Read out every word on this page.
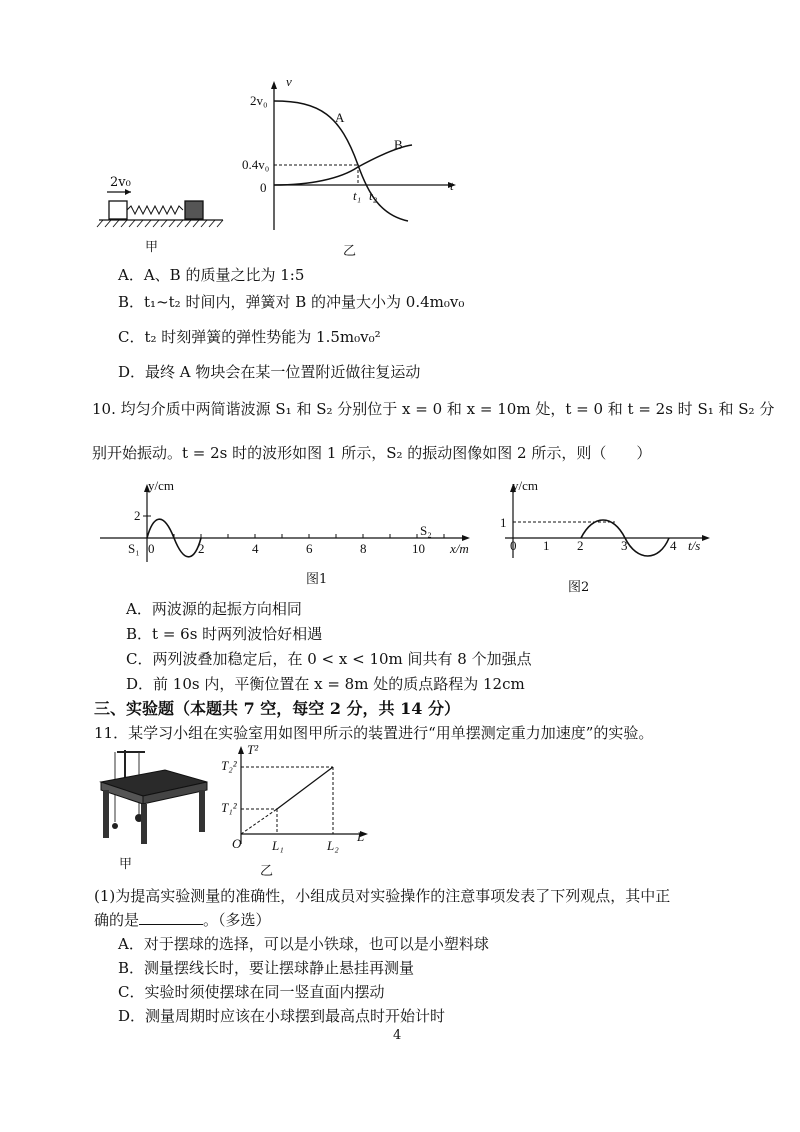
2v₀
甲
v
t
2v₀
0.4v₀
0
A
B
t₁ t₂
乙
A．A、B 的质量之比为 1:5
B．t₁~t₂ 时间内，弹簧对 B 的冲量大小为 0.4m₀v₀
C．t₂ 时刻弹簧的弹性势能为 1.5m₀v₀²
D．最终 A 物块会在某一位置附近做往复运动
10. 均匀介质中两简谐波源 S₁ 和 S₂ 分别位于 x = 0 和 x = 10m 处，t = 0 和 t = 2s 时 S₁ 和 S₂ 分
别开始振动。t = 2s 时的波形如图 1 所示，S₂ 的振动图像如图 2 所示，则（　　）
y/cm
x/m
2
S₁ 0	2	4	6	8	10
S₂
图1
y/cm
t/s
1
0 1 2	3	4
图2
A．两波源的起振方向相同
B．t = 6s 时两列波恰好相遇
C．两列波叠加稳定后，在 0 < x < 10m 间共有 8 个加强点
D．前 10s 内，平衡位置在 x = 8m 处的质点路程为 12cm
三、实验题（本题共 7 空，每空 2 分，共 14 分）
11．某学习小组在实验室用如图甲所示的装置进行“用单摆测定重力加速度”的实验。
甲
T²
L
T₂²
T₁²
O L₁	L₂
乙
(1)为提高实验测量的准确性，小组成员对实验操作的注意事项发表了下列观点，其中正
确的是	。（多选）
A．对于摆球的选择，可以是小铁球，也可以是小塑料球
B．测量摆线长时，要让摆球静止悬挂再测量
C．实验时须使摆球在同一竖直面内摆动
D．测量周期时应该在小球摆到最高点时开始计时
4
